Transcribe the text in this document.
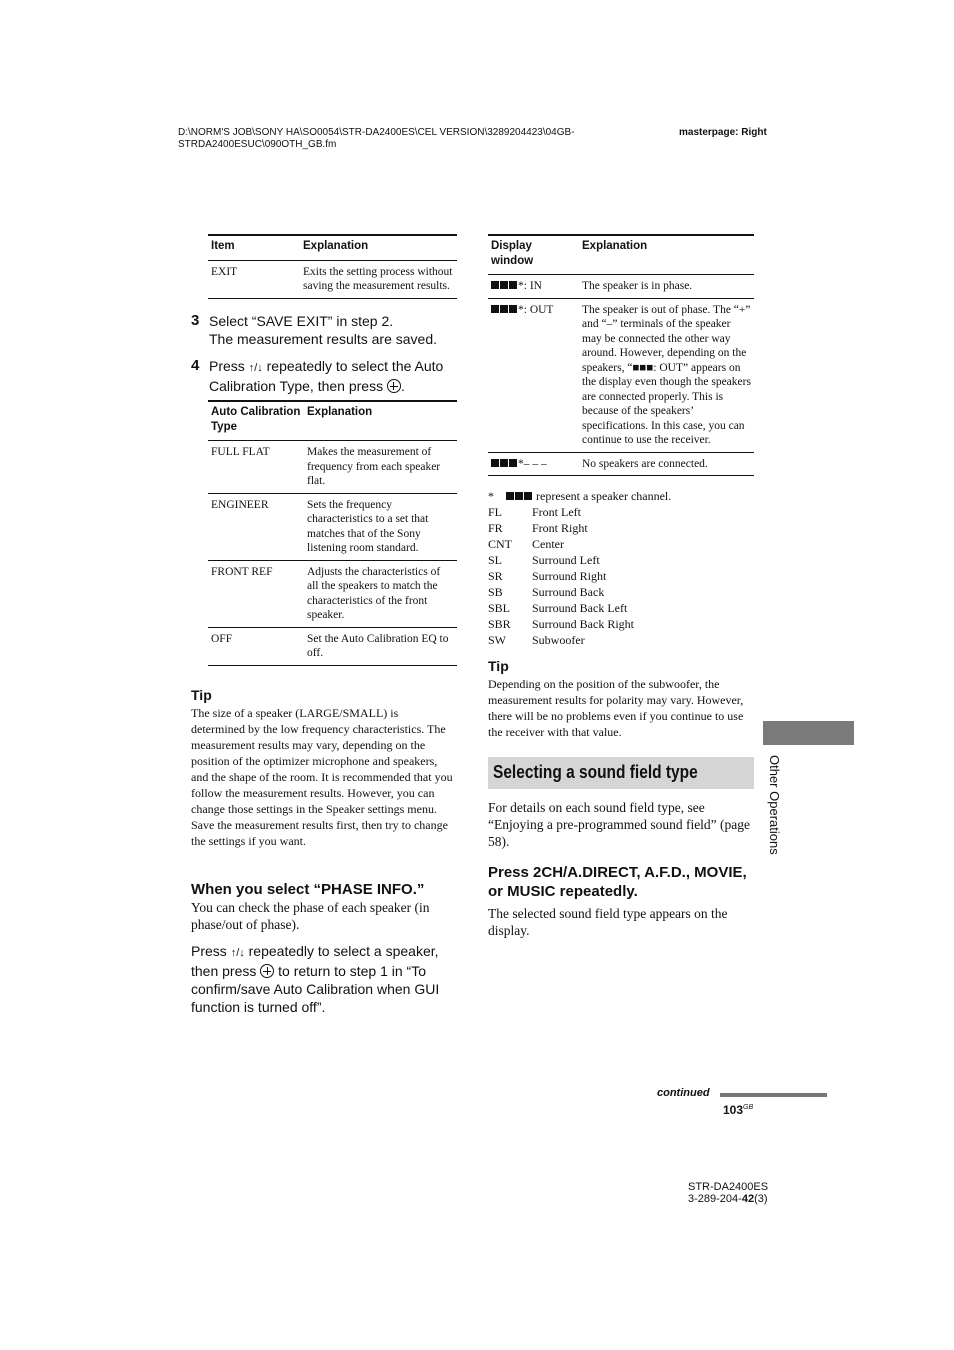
D:\NORM'S JOB\SONY HA\SO0054\STR-DA2400ES\CEL VERSION\3289204423\04GB-STRDA2400ESUC\090OTH_GB.fm
masterpage: Right
Item	Explanation
EXIT	Exits the setting process without saving the measurement results.
3 Select “SAVE EXIT” in step 2.
The measurement results are saved.
4 Press ↑/↓ repeatedly to select the Auto Calibration Type, then press .
Auto Calibration Type	Explanation
FULL FLAT	Makes the measurement of frequency from each speaker flat.
ENGINEER	Sets the frequency characteristics to a set that matches that of the Sony listening room standard.
FRONT REF	Adjusts the characteristics of all the speakers to match the characteristics of the front speaker.
OFF	Set the Auto Calibration EQ to off.
Tip
The size of a speaker (LARGE/SMALL) is determined by the low frequency characteristics. The measurement results may vary, depending on the position of the optimizer microphone and speakers, and the shape of the room. It is recommended that you follow the measurement results. However, you can change those settings in the Speaker settings menu. Save the measurement results first, then try to change the settings if you want.
When you select “PHASE INFO.”
You can check the phase of each speaker (in phase/out of phase).
Press ↑/↓ repeatedly to select a speaker, then press  to return to step 1 in “To confirm/save Auto Calibration when GUI function is turned off”.
Display window	Explanation
*: IN	The speaker is in phase.
*: OUT	The speaker is out of phase. The “+” and “–” terminals of the speaker may be connected the other way around. However, depending on the speakers, “■■■: OUT” appears on the display even though the speakers are connected properly. This is because of the speakers’ specifications. In this case, you can continue to use the receiver.
*– – –	No speakers are connected.
*	represent a speaker channel.
FL	Front Left
FR	Front Right
CNT	Center
SL	Surround Left
SR	Surround Right
SB	Surround Back
SBL	Surround Back Left
SBR	Surround Back Right
SW	Subwoofer
Tip
Depending on the position of the subwoofer, the measurement results for polarity may vary. However, there will be no problems even if you continue to use the receiver with that value.
Selecting a sound field type
For details on each sound field type, see “Enjoying a pre-programmed sound field” (page 58).
Press 2CH/A.DIRECT, A.F.D., MOVIE, or MUSIC repeatedly.
The selected sound field type appears on the display.
Other Operations
continued
$103^{GB}$
STR-DA2400ES
3-289-204-42(3)
